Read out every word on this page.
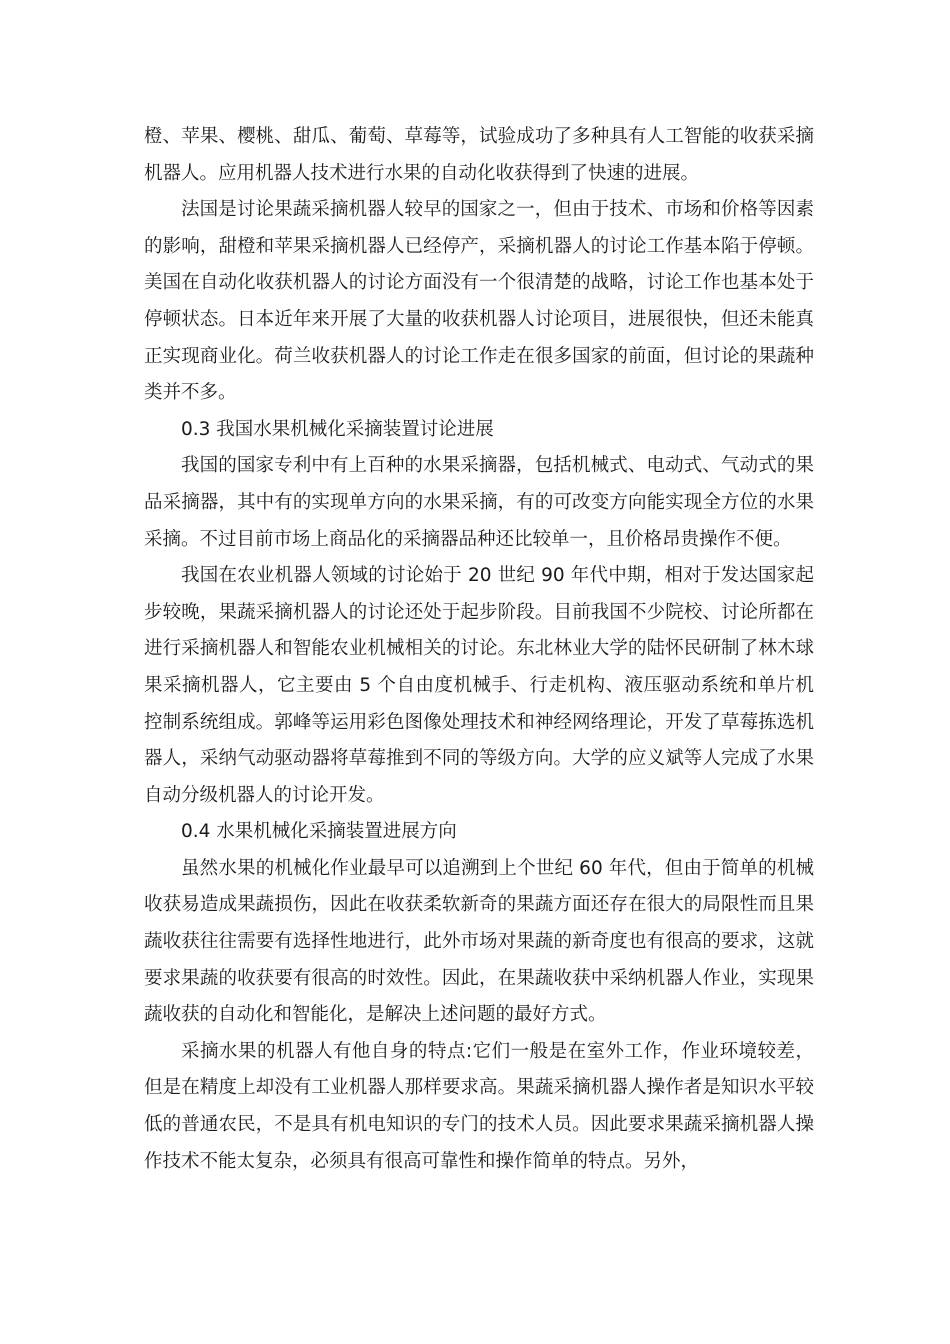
橙、苹果、樱桃、甜瓜、葡萄、草莓等，试验成功了多种具有人工智能的收获采摘机器人。应用机器人技术进行水果的自动化收获得到了快速的进展。

法国是讨论果蔬采摘机器人较早的国家之一，但由于技术、市场和价格等因素的影响，甜橙和苹果采摘机器人已经停产，采摘机器人的讨论工作基本陷于停顿。美国在自动化收获机器人的讨论方面没有一个很清楚的战略，讨论工作也基本处于停顿状态。日本近年来开展了大量的收获机器人讨论项目，进展很快，但还未能真正实现商业化。荷兰收获机器人的讨论工作走在很多国家的前面，但讨论的果蔬种类并不多。

0.3 我国水果机械化采摘装置讨论进展

我国的国家专利中有上百种的水果采摘器，包括机械式、电动式、气动式的果品采摘器，其中有的实现单方向的水果采摘，有的可改变方向能实现全方位的水果采摘。不过目前市场上商品化的采摘器品种还比较单一，且价格昂贵操作不便。

我国在农业机器人领域的讨论始于 20 世纪 90 年代中期，相对于发达国家起步较晚，果蔬采摘机器人的讨论还处于起步阶段。目前我国不少院校、讨论所都在进行采摘机器人和智能农业机械相关的讨论。东北林业大学的陆怀民研制了林木球果采摘机器人，它主要由 5 个自由度机械手、行走机构、液压驱动系统和单片机控制系统组成。郭峰等运用彩色图像处理技术和神经网络理论，开发了草莓拣选机器人，采纳气动驱动器将草莓推到不同的等级方向。大学的应义斌等人完成了水果自动分级机器人的讨论开发。

0.4 水果机械化采摘装置进展方向

虽然水果的机械化作业最早可以追溯到上个世纪 60 年代，但由于简单的机械收获易造成果蔬损伤，因此在收获柔软新奇的果蔬方面还存在很大的局限性而且果蔬收获往往需要有选择性地进行，此外市场对果蔬的新奇度也有很高的要求，这就要求果蔬的收获要有很高的时效性。因此，在果蔬收获中采纳机器人作业，实现果蔬收获的自动化和智能化，是解决上述问题的最好方式。

采摘水果的机器人有他自身的特点:它们一般是在室外工作，作业环境较差，但是在精度上却没有工业机器人那样要求高。果蔬采摘机器人操作者是知识水平较低的普通农民，不是具有机电知识的专门的技术人员。因此要求果蔬采摘机器人操作技术不能太复杂，必须具有很高可靠性和操作简单的特点。另外，
